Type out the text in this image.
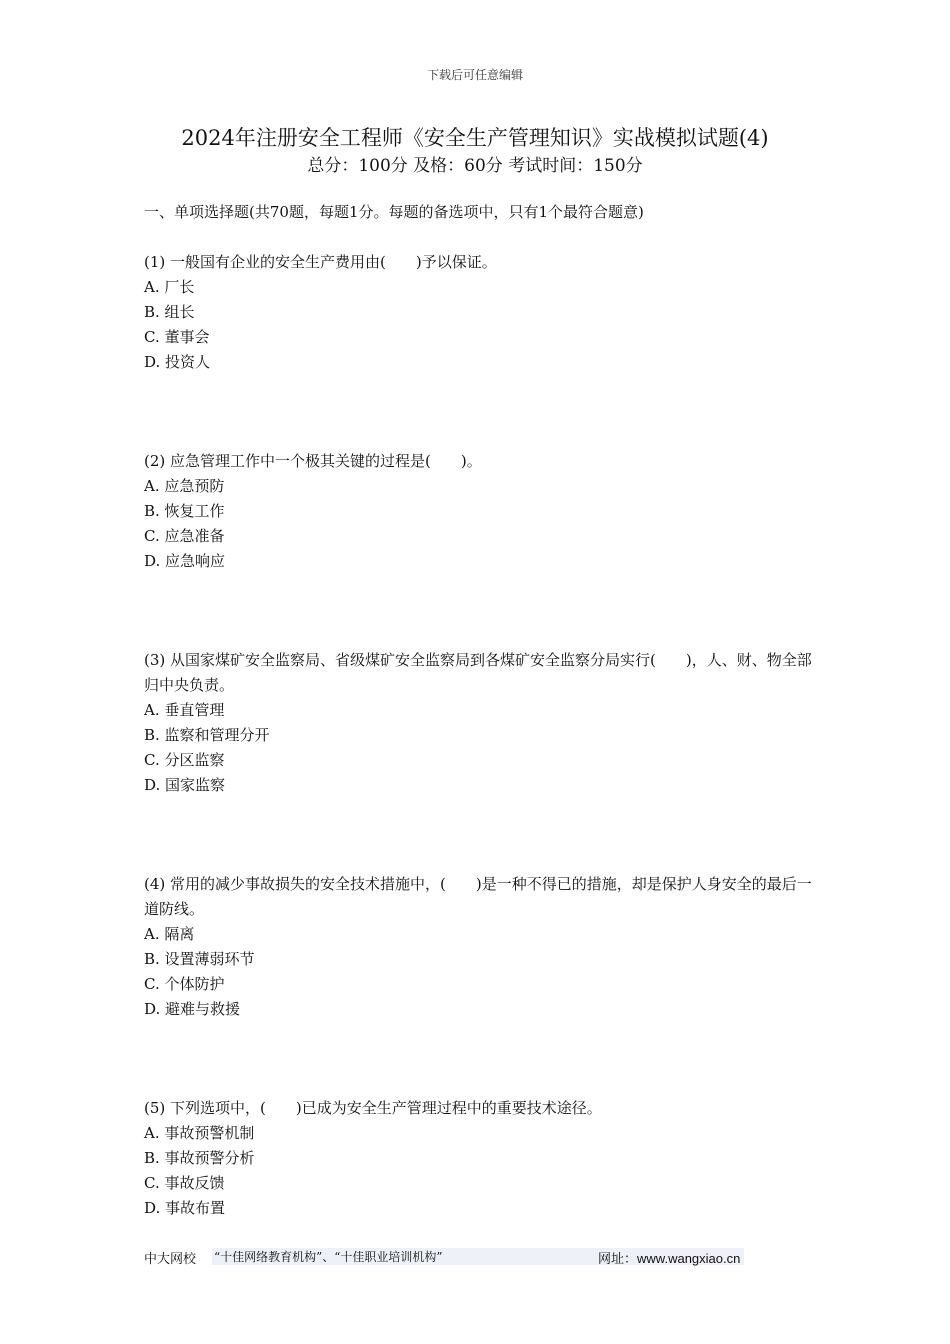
下载后可任意编辑
2024年注册安全工程师《安全生产管理知识》实战模拟试题(4)
总分：100分 及格：60分 考试时间：150分
一、单项选择题(共70题，每题1分。每题的备选项中，只有1个最符合题意)

(1) 一般国有企业的安全生产费用由(　　)予以保证。

A. 厂长

B. 组长

C. 董事会

D. 投资人

(2) 应急管理工作中一个极其关键的过程是(　　)。

A. 应急预防

B. 恢复工作

C. 应急准备

D. 应急响应

(3) 从国家煤矿安全监察局、省级煤矿安全监察局到各煤矿安全监察分局实行(　　)，人、财、物全部归中央负责。

A. 垂直管理

B. 监察和管理分开

C. 分区监察

D. 国家监察

(4) 常用的减少事故损失的安全技术措施中，(　　)是一种不得已的措施，却是保护人身安全的最后一道防线。

A. 隔离

B. 设置薄弱环节

C. 个体防护

D. 避难与救援

(5) 下列选项中，(　　)已成为安全生产管理过程中的重要技术途径。

A. 事故预警机制

B. 事故预警分析

C. 事故反馈

D. 事故布置

中大网校 “十佳网络教育机构”、“十佳职业培训机构”	网址：www.wangxiao.cn
